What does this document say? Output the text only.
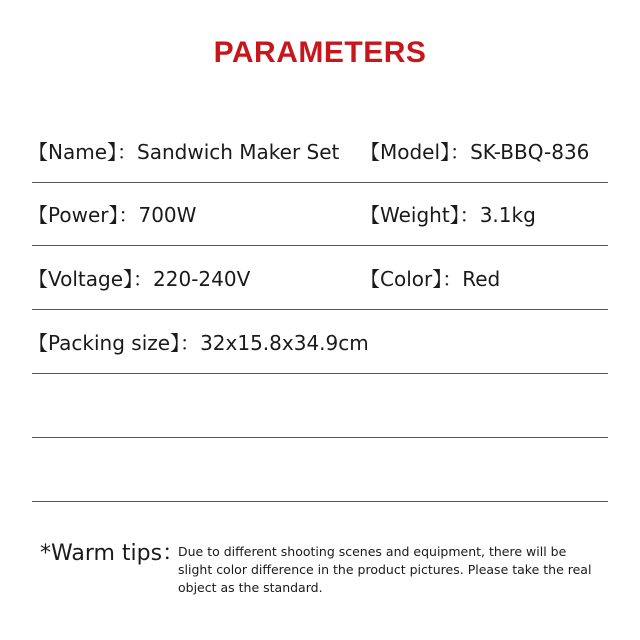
PARAMETERS
【Name】：Sandwich Maker Set 【Model】：SK-BBQ-836
【Power】：700W	【Weight】：3.1kg
【Voltage】：220-240V	【Color】：Red
【Packing size】：32x15.8x34.9cm
*Warm tips：
Due to different shooting scenes and equipment, there will be slight color difference in the product pictures. Please take the real object as the standard.
